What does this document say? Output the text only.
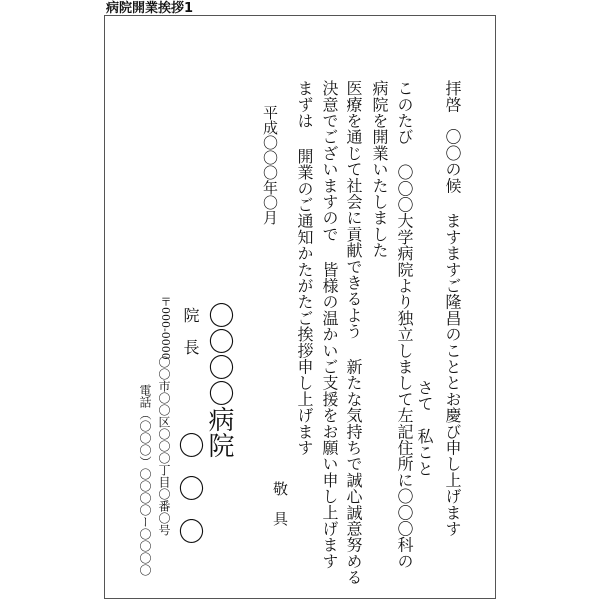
病院開業挨拶1
拝啓　〇〇の候 ますますご隆昌のこととお慶び申し上げます
　　　　　　　　　　　　　　　　さて　私こと
このたび 〇〇〇大学病院より独立しまして左記住所に〇〇〇科の
病院を開業いたしました
医療を通じて社会に貢献できるよう 新たな気持ちで誠心誠意努める
決意でございますので 皆様の温かいご支援をお願い申し上げます
まずは 開業のご通知かたがたご挨拶申し上げます
敬　具
平成〇〇〇年〇月
〇〇〇〇病院
院　長
〇〇〇
〒000-0000
〇〇市〇〇区〇〇〇丁目〇番〇号
電話（〇〇〇）〇〇〇〇ー〇〇〇〇
